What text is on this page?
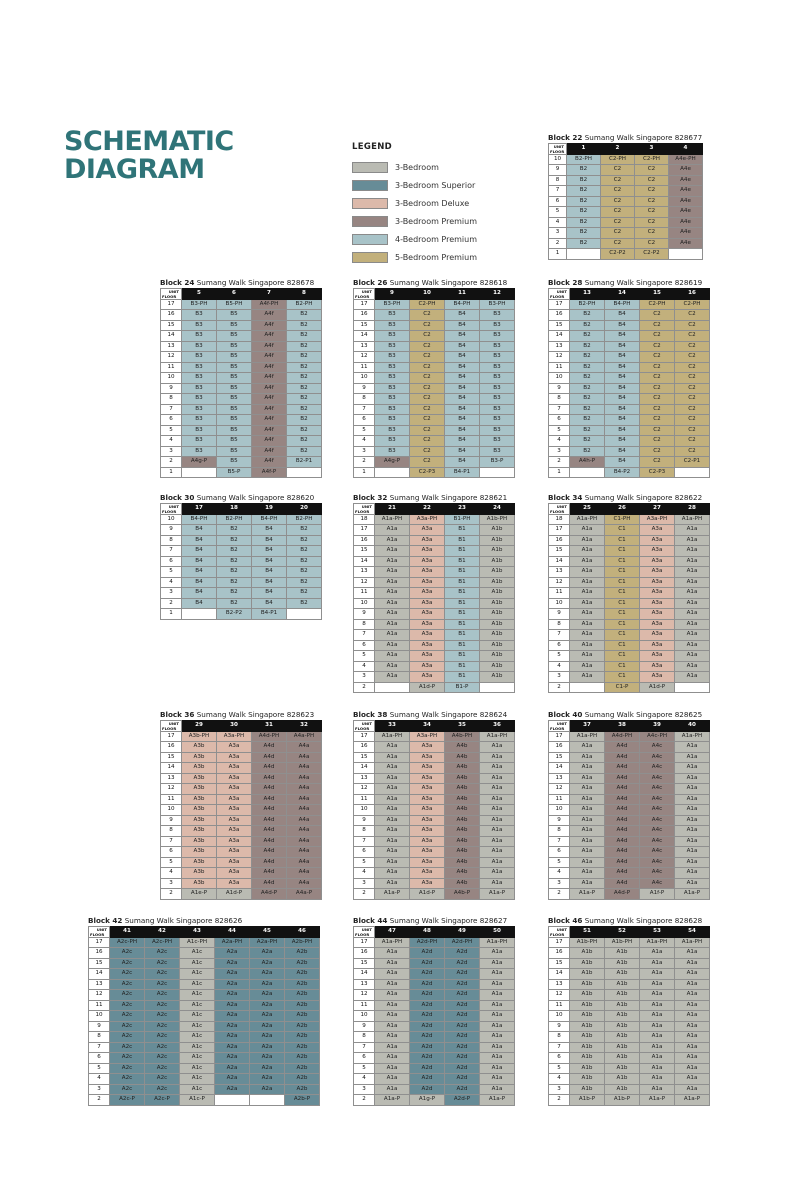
SCHEMATIC
DIAGRAM
LEGEND
3-Bedroom
3-Bedroom Superior
3-Bedroom Deluxe
3-Bedroom Premium
4-Bedroom Premium
5-Bedroom Premium
Block 22 Sumang Walk Singapore 828677
UNIT
FLOOR	1	2	3	4
10	B2-PH	C2-PH	C2-PH	A4e-PH
9	B2	C2	C2	A4e
8	B2	C2	C2	A4e
7	B2	C2	C2	A4e
6	B2	C2	C2	A4e
5	B2	C2	C2	A4e
4	B2	C2	C2	A4e
3	B2	C2	C2	A4e
2	B2	C2	C2	A4e
1		C2-P2	C2-P2	
Block 24 Sumang Walk Singapore 828678
UNIT
FLOOR	5	6	7	8
17	B3-PH	B5-PH	A4f-PH	B2-PH
16	B3	B5	A4f	B2
15	B3	B5	A4f	B2
14	B3	B5	A4f	B2
13	B3	B5	A4f	B2
12	B3	B5	A4f	B2
11	B3	B5	A4f	B2
10	B3	B5	A4f	B2
9	B3	B5	A4f	B2
8	B3	B5	A4f	B2
7	B3	B5	A4f	B2
6	B3	B5	A4f	B2
5	B3	B5	A4f	B2
4	B3	B5	A4f	B2
3	B3	B5	A4f	B2
2	A4g-P	B5	A4f	B2-P1
1		B5-P	A4f-P	
Block 26 Sumang Walk Singapore 828618
UNIT
FLOOR	9	10	11	12
17	B3-PH	C2-PH	B4-PH	B3-PH
16	B3	C2	B4	B3
15	B3	C2	B4	B3
14	B3	C2	B4	B3
13	B3	C2	B4	B3
12	B3	C2	B4	B3
11	B3	C2	B4	B3
10	B3	C2	B4	B3
9	B3	C2	B4	B3
8	B3	C2	B4	B3
7	B3	C2	B4	B3
6	B3	C2	B4	B3
5	B3	C2	B4	B3
4	B3	C2	B4	B3
3	B3	C2	B4	B3
2	A4g-P	C2	B4	B3-P
1		C2-P3	B4-P1	
Block 28 Sumang Walk Singapore 828619
UNIT
FLOOR	13	14	15	16
17	B2-PH	B4-PH	C2-PH	C2-PH
16	B2	B4	C2	C2
15	B2	B4	C2	C2
14	B2	B4	C2	C2
13	B2	B4	C2	C2
12	B2	B4	C2	C2
11	B2	B4	C2	C2
10	B2	B4	C2	C2
9	B2	B4	C2	C2
8	B2	B4	C2	C2
7	B2	B4	C2	C2
6	B2	B4	C2	C2
5	B2	B4	C2	C2
4	B2	B4	C2	C2
3	B2	B4	C2	C2
2	A4h-P	B4	C2	C2-P1
1		B4-P2	C2-P3	
Block 30 Sumang Walk Singapore 828620
UNIT
FLOOR	17	18	19	20
10	B4-PH	B2-PH	B4-PH	B2-PH
9	B4	B2	B4	B2
8	B4	B2	B4	B2
7	B4	B2	B4	B2
6	B4	B2	B4	B2
5	B4	B2	B4	B2
4	B4	B2	B4	B2
3	B4	B2	B4	B2
2	B4	B2	B4	B2
1		B2-P2	B4-P1	
Block 32 Sumang Walk Singapore 828621
UNIT
FLOOR	21	22	23	24
18	A1a-PH	A3a-PH	B1-PH	A1b-PH
17	A1a	A3a	B1	A1b
16	A1a	A3a	B1	A1b
15	A1a	A3a	B1	A1b
14	A1a	A3a	B1	A1b
13	A1a	A3a	B1	A1b
12	A1a	A3a	B1	A1b
11	A1a	A3a	B1	A1b
10	A1a	A3a	B1	A1b
9	A1a	A3a	B1	A1b
8	A1a	A3a	B1	A1b
7	A1a	A3a	B1	A1b
6	A1a	A3a	B1	A1b
5	A1a	A3a	B1	A1b
4	A1a	A3a	B1	A1b
3	A1a	A3a	B1	A1b
2		A1d-P	B1-P	
Block 34 Sumang Walk Singapore 828622
UNIT
FLOOR	25	26	27	28
18	A1a-PH	C1-PH	A3a-PH	A1a-PH
17	A1a	C1	A3a	A1a
16	A1a	C1	A3a	A1a
15	A1a	C1	A3a	A1a
14	A1a	C1	A3a	A1a
13	A1a	C1	A3a	A1a
12	A1a	C1	A3a	A1a
11	A1a	C1	A3a	A1a
10	A1a	C1	A3a	A1a
9	A1a	C1	A3a	A1a
8	A1a	C1	A3a	A1a
7	A1a	C1	A3a	A1a
6	A1a	C1	A3a	A1a
5	A1a	C1	A3a	A1a
4	A1a	C1	A3a	A1a
3	A1a	C1	A3a	A1a
2		C1-P	A1d-P	
Block 36 Sumang Walk Singapore 828623
UNIT
FLOOR	29	30	31	32
17	A3b-PH	A3a-PH	A4d-PH	A4a-PH
16	A3b	A3a	A4d	A4a
15	A3b	A3a	A4d	A4a
14	A3b	A3a	A4d	A4a
13	A3b	A3a	A4d	A4a
12	A3b	A3a	A4d	A4a
11	A3b	A3a	A4d	A4a
10	A3b	A3a	A4d	A4a
9	A3b	A3a	A4d	A4a
8	A3b	A3a	A4d	A4a
7	A3b	A3a	A4d	A4a
6	A3b	A3a	A4d	A4a
5	A3b	A3a	A4d	A4a
4	A3b	A3a	A4d	A4a
3	A3b	A3a	A4d	A4a
2	A1e-P	A1d-P	A4d-P	A4a-P
Block 38 Sumang Walk Singapore 828624
UNIT
FLOOR	33	34	35	36
17	A1a-PH	A3a-PH	A4b-PH	A1a-PH
16	A1a	A3a	A4b	A1a
15	A1a	A3a	A4b	A1a
14	A1a	A3a	A4b	A1a
13	A1a	A3a	A4b	A1a
12	A1a	A3a	A4b	A1a
11	A1a	A3a	A4b	A1a
10	A1a	A3a	A4b	A1a
9	A1a	A3a	A4b	A1a
8	A1a	A3a	A4b	A1a
7	A1a	A3a	A4b	A1a
6	A1a	A3a	A4b	A1a
5	A1a	A3a	A4b	A1a
4	A1a	A3a	A4b	A1a
3	A1a	A3a	A4b	A1a
2	A1a-P	A1d-P	A4b-P	A1a-P
Block 40 Sumang Walk Singapore 828625
UNIT
FLOOR	37	38	39	40
17	A1a-PH	A4d-PH	A4c-PH	A1a-PH
16	A1a	A4d	A4c	A1a
15	A1a	A4d	A4c	A1a
14	A1a	A4d	A4c	A1a
13	A1a	A4d	A4c	A1a
12	A1a	A4d	A4c	A1a
11	A1a	A4d	A4c	A1a
10	A1a	A4d	A4c	A1a
9	A1a	A4d	A4c	A1a
8	A1a	A4d	A4c	A1a
7	A1a	A4d	A4c	A1a
6	A1a	A4d	A4c	A1a
5	A1a	A4d	A4c	A1a
4	A1a	A4d	A4c	A1a
3	A1a	A4d	A4c	A1a
2	A1a-P	A4d-P	A1f-P	A1a-P
Block 42 Sumang Walk Singapore 828626
UNIT
FLOOR	41	42	43	44	45	46
17	A2c-PH	A2c-PH	A1c-PH	A2a-PH	A2a-PH	A2b-PH
16	A2c	A2c	A1c	A2a	A2a	A2b
15	A2c	A2c	A1c	A2a	A2a	A2b
14	A2c	A2c	A1c	A2a	A2a	A2b
13	A2c	A2c	A1c	A2a	A2a	A2b
12	A2c	A2c	A1c	A2a	A2a	A2b
11	A2c	A2c	A1c	A2a	A2a	A2b
10	A2c	A2c	A1c	A2a	A2a	A2b
9	A2c	A2c	A1c	A2a	A2a	A2b
8	A2c	A2c	A1c	A2a	A2a	A2b
7	A2c	A2c	A1c	A2a	A2a	A2b
6	A2c	A2c	A1c	A2a	A2a	A2b
5	A2c	A2c	A1c	A2a	A2a	A2b
4	A2c	A2c	A1c	A2a	A2a	A2b
3	A2c	A2c	A1c	A2a	A2a	A2b
2	A2c-P	A2c-P	A1c-P			A2b-P
Block 44 Sumang Walk Singapore 828627
UNIT
FLOOR	47	48	49	50
17	A1a-PH	A2d-PH	A2d-PH	A1a-PH
16	A1a	A2d	A2d	A1a
15	A1a	A2d	A2d	A1a
14	A1a	A2d	A2d	A1a
13	A1a	A2d	A2d	A1a
12	A1a	A2d	A2d	A1a
11	A1a	A2d	A2d	A1a
10	A1a	A2d	A2d	A1a
9	A1a	A2d	A2d	A1a
8	A1a	A2d	A2d	A1a
7	A1a	A2d	A2d	A1a
6	A1a	A2d	A2d	A1a
5	A1a	A2d	A2d	A1a
4	A1a	A2d	A2d	A1a
3	A1a	A2d	A2d	A1a
2	A1a-P	A1g-P	A2d-P	A1a-P
Block 46 Sumang Walk Singapore 828628
UNIT
FLOOR	51	52	53	54
17	A1b-PH	A1b-PH	A1a-PH	A1a-PH
16	A1b	A1b	A1a	A1a
15	A1b	A1b	A1a	A1a
14	A1b	A1b	A1a	A1a
13	A1b	A1b	A1a	A1a
12	A1b	A1b	A1a	A1a
11	A1b	A1b	A1a	A1a
10	A1b	A1b	A1a	A1a
9	A1b	A1b	A1a	A1a
8	A1b	A1b	A1a	A1a
7	A1b	A1b	A1a	A1a
6	A1b	A1b	A1a	A1a
5	A1b	A1b	A1a	A1a
4	A1b	A1b	A1a	A1a
3	A1b	A1b	A1a	A1a
2	A1b-P	A1b-P	A1a-P	A1a-P
